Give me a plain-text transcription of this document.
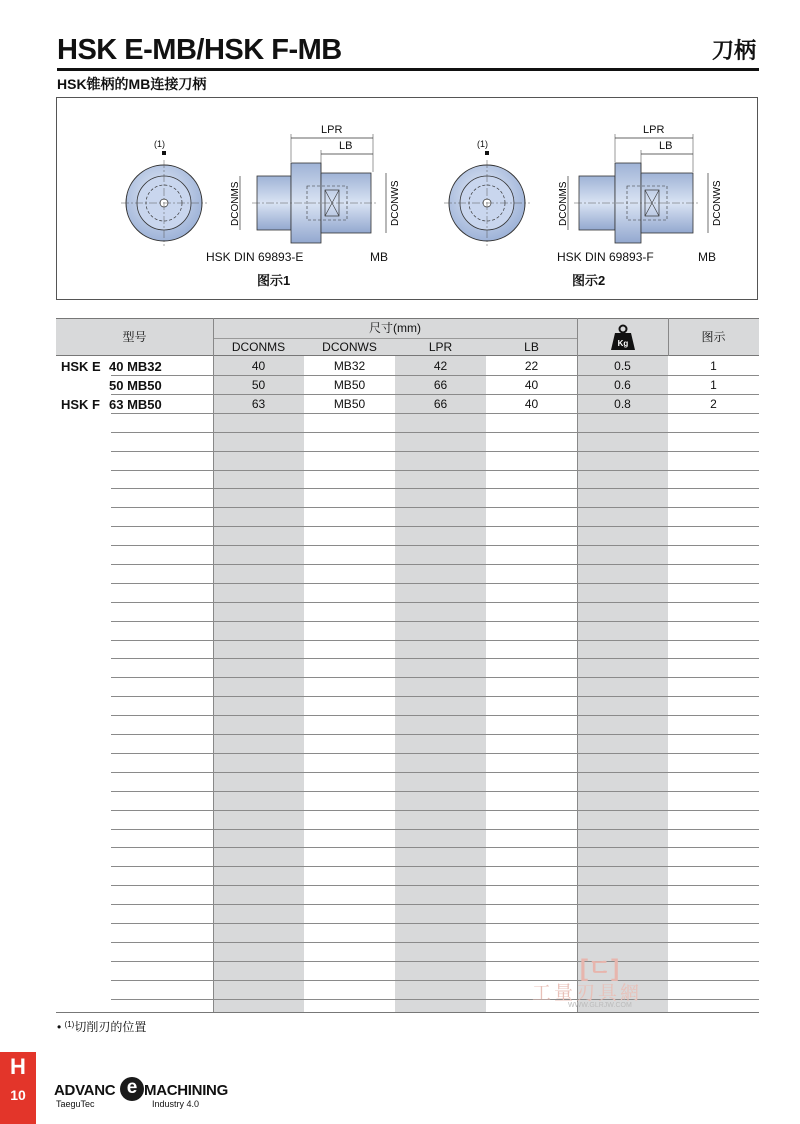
HSK E-MB/HSK F-MB	刀柄
HSK锥柄的MB连接刀柄
DCONMS	DCONWS	DCONMS	DCONWS
(1)
LPR
LB
HSK DIN 69893-E	MB
图示1
(1)
LPR
LB
HSK DIN 69893-F	MB
图示2
型号
尺寸(mm)
DCONMS	DCONWS	LPR	LB	Kg	图示
HSK E 40 MB32	40	MB32	42	22	0.5	1
50 MB50	50	MB50	66	40	0.6	1
HSK F 63 MB50	63	MB50	66	40	0.8	2
[ㄷ]
工量刃具網
WWW.GLRJW.COM
• $^{(1)}$切削刃的位置
H
10	ADVANC e MACHINING
TaeguTec	Industry 4.0
